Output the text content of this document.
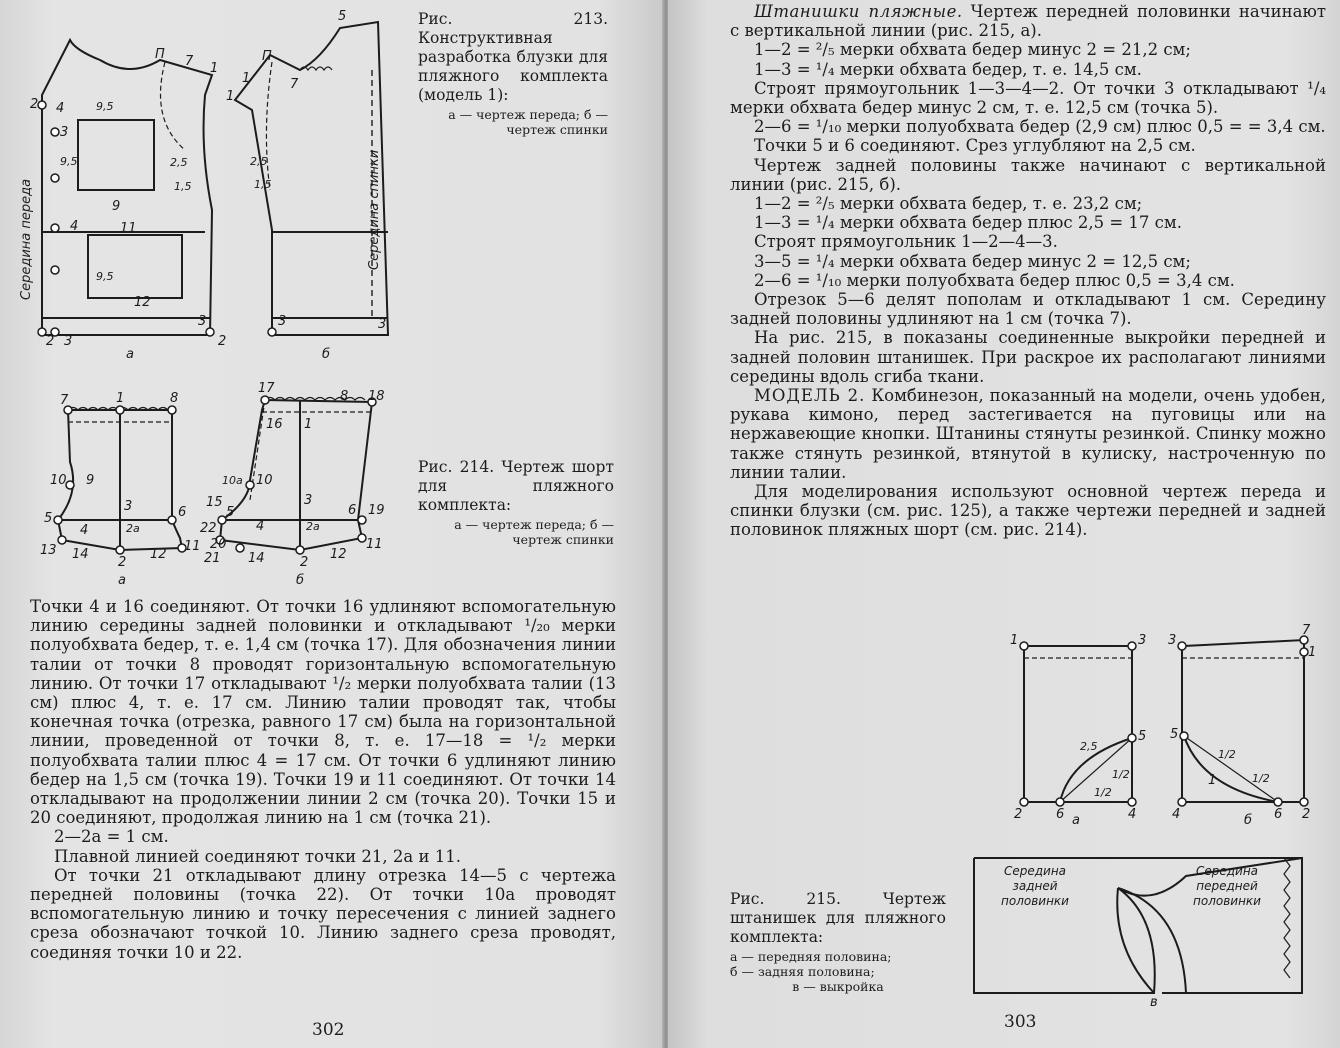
2 4
3
9,5
4	11
9,5
9
9,5
12
2,5
1,5
П 7 1
3
2 3	2
5
П
7
1
1
2,5
1,5
3	3
а	б
Середина переда	Середина спинки
Рис. 213. Конструктивная разработка блузки для пляжного комплекта (модель 1):
а — чертеж переда; б — чертеж спинки
7	1	8
10 9
3
5
4	2а
6
13 14
2
12
11
17
8 18
16 1
10а 10
15
5
3
6 19
22	4	2а
20
21 14	2
12
11
а	б
Рис. 214. Чертеж шорт для пляжного комплекта:
а — чертеж переда; б — чертеж спинки

Точки 4 и 16 соединяют. От точки 16 удлиняют вспомогательную линию середины задней половинки и откладывают ¹/₂₀ мерки полуобхвата бедер, т. е. 1,4 см (точка 17). Для обозначения линии талии от точки 8 проводят горизонтальную вспомогательную линию. От точки 17 откладывают ¹/₂ мерки полуобхвата талии (13 см) плюс 4, т. е. 17 см. Линию талии проводят так, чтобы конечная точка (отрезка, равного 17 см) была на горизонтальной линии, проведенной от точки 8, т. е. 17—18 = ¹/₂ мерки полуобхвата талии плюс 4 = 17 см. От точки 6 удлиняют линию бедер на 1,5 см (точка 19). Точки 19 и 11 соединяют. От точки 14 откладывают на продолжении линии 2 см (точка 20). Точки 15 и 20 соединяют, продолжая линию на 1 см (точка 21).

2—2а = 1 см.

Плавной линией соединяют точки 21, 2а и 11.

От точки 21 откладывают длину отрезка 14—5 с чертежа передней половины (точка 22). От точки 10а проводят вспомогательную линию и точку пересечения с линией заднего среза обозначают точкой 10. Линию заднего среза проводят, соединяя точки 10 и 22.

302

Штанишки пляжные. Чертеж передней половинки начинают с вертикальной линии (рис. 215, а).

1—2 = ²/₅ мерки обхвата бедер минус 2 = 21,2 см;

1—3 = ¹/₄ мерки обхвата бедер, т. е. 14,5 см.

Строят прямоугольник 1—3—4—2. От точки 3 откладывают ¹/₄ мерки обхвата бедер минус 2 см, т. е. 12,5 см (точка 5).

2—6 = ¹/₁₀ мерки полуобхвата бедер (2,9 см) плюс 0,5 = = 3,4 см.

Точки 5 и 6 соединяют. Срез углубляют на 2,5 см.

Чертеж задней половины также начинают с вертикальной линии (рис. 215, б).

1—2 = ²/₅ мерки обхвата бедер, т. е. 23,2 см;

1—3 = ¹/₄ мерки обхвата бедер плюс 2,5 = 17 см.

Строят прямоугольник 1—2—4—3.

3—5 = ¹/₄ мерки обхвата бедер минус 2 = 12,5 см;

2—6 = ¹/₁₀ мерки полуобхвата бедер плюс 0,5 = 3,4 см.

Отрезок 5—6 делят пополам и откладывают 1 см. Середину задней половины удлиняют на 1 см (точка 7).

На рис. 215, в показаны соединенные выкройки передней и задней половин штанишек. При раскрое их располагают линиями середины вдоль сгиба ткани.

МОДЕЛЬ 2. Комбинезон, показанный на модели, очень удобен, рукава кимоно, перед застегивается на пуговицы или на нержавеющие кнопки. Штанины стянуты резинкой. Спинку можно также стянуть резинкой, втянутой в кулиску, настроченную по линии талии.

Для моделирования используют основной чертеж переда и спинки блузки (см. рис. 125), а также чертежи передней и задней половинок пляжных шорт (см. рис. 214).

1	3
5
2,5
1/2
1/2
2	6	4
3
7
1
5
1/2
1/2
1
4	6 2
а	б
в
Середина задней половинки
Середина передней половинки
Рис. 215. Чертеж штанишек для пляжного комплекта:
а — передняя половина;
б — задняя половина;
в — выкройка
303
